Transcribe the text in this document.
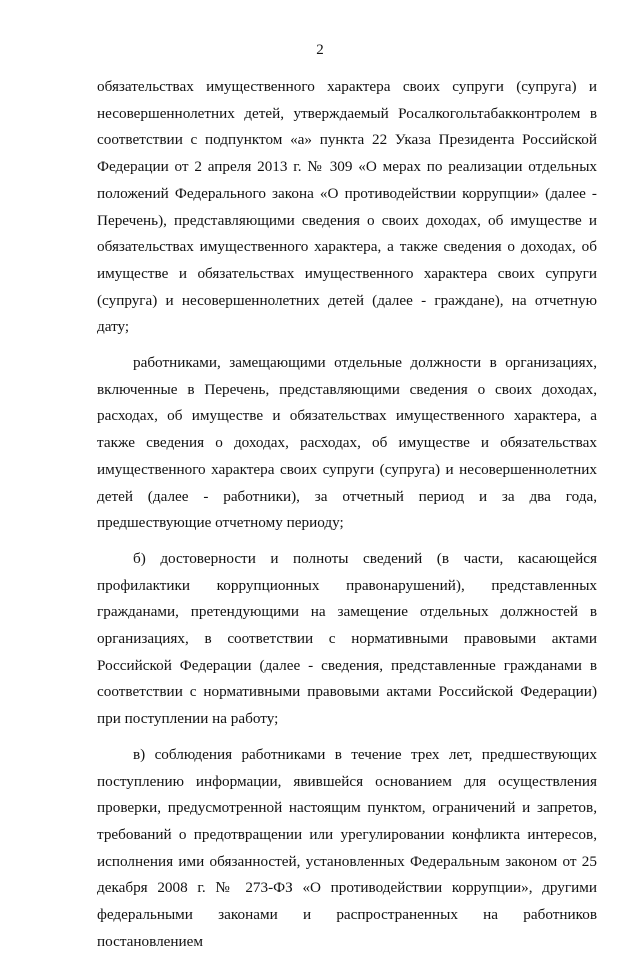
2

обязательствах имущественного характера своих супруги (супруга) и несовершеннолетних детей, утверждаемый Росалкогольтабакконтролем в соответствии с подпунктом «а» пункта 22 Указа Президента Российской Федерации от 2 апреля 2013 г. № 309 «О мерах по реализации отдельных положений Федерального закона «О противодействии коррупции» (далее - Перечень), представляющими сведения о своих доходах, об имуществе и обязательствах имущественного характера, а также сведения о доходах, об имуществе и обязательствах имущественного характера своих супруги (супруга) и несовершеннолетних детей (далее - граждане), на отчетную дату;

работниками, замещающими отдельные должности в организациях, включенные в Перечень, представляющими сведения о своих доходах, расходах, об имуществе и обязательствах имущественного характера, а также сведения о доходах, расходах, об имуществе и обязательствах имущественного характера своих супруги (супруга) и несовершеннолетних детей (далее - работники), за отчетный период и за два года, предшествующие отчетному периоду;

б) достоверности и полноты сведений (в части, касающейся профилактики коррупционных правонарушений), представленных гражданами, претендующими на замещение отдельных должностей в организациях, в соответствии с нормативными правовыми актами Российской Федерации (далее - сведения, представленные гражданами в соответствии с нормативными правовыми актами Российской Федерации) при поступлении на работу;

в) соблюдения работниками в течение трех лет, предшествующих поступлению информации, явившейся основанием для осуществления проверки, предусмотренной настоящим пунктом, ограничений и запретов, требований о предотвращении или урегулировании конфликта интересов, исполнения ими обязанностей, установленных Федеральным законом от 25 декабря 2008 г. № 273-ФЗ «О противодействии коррупции», другими федеральными законами и распространенных на работников постановлением
